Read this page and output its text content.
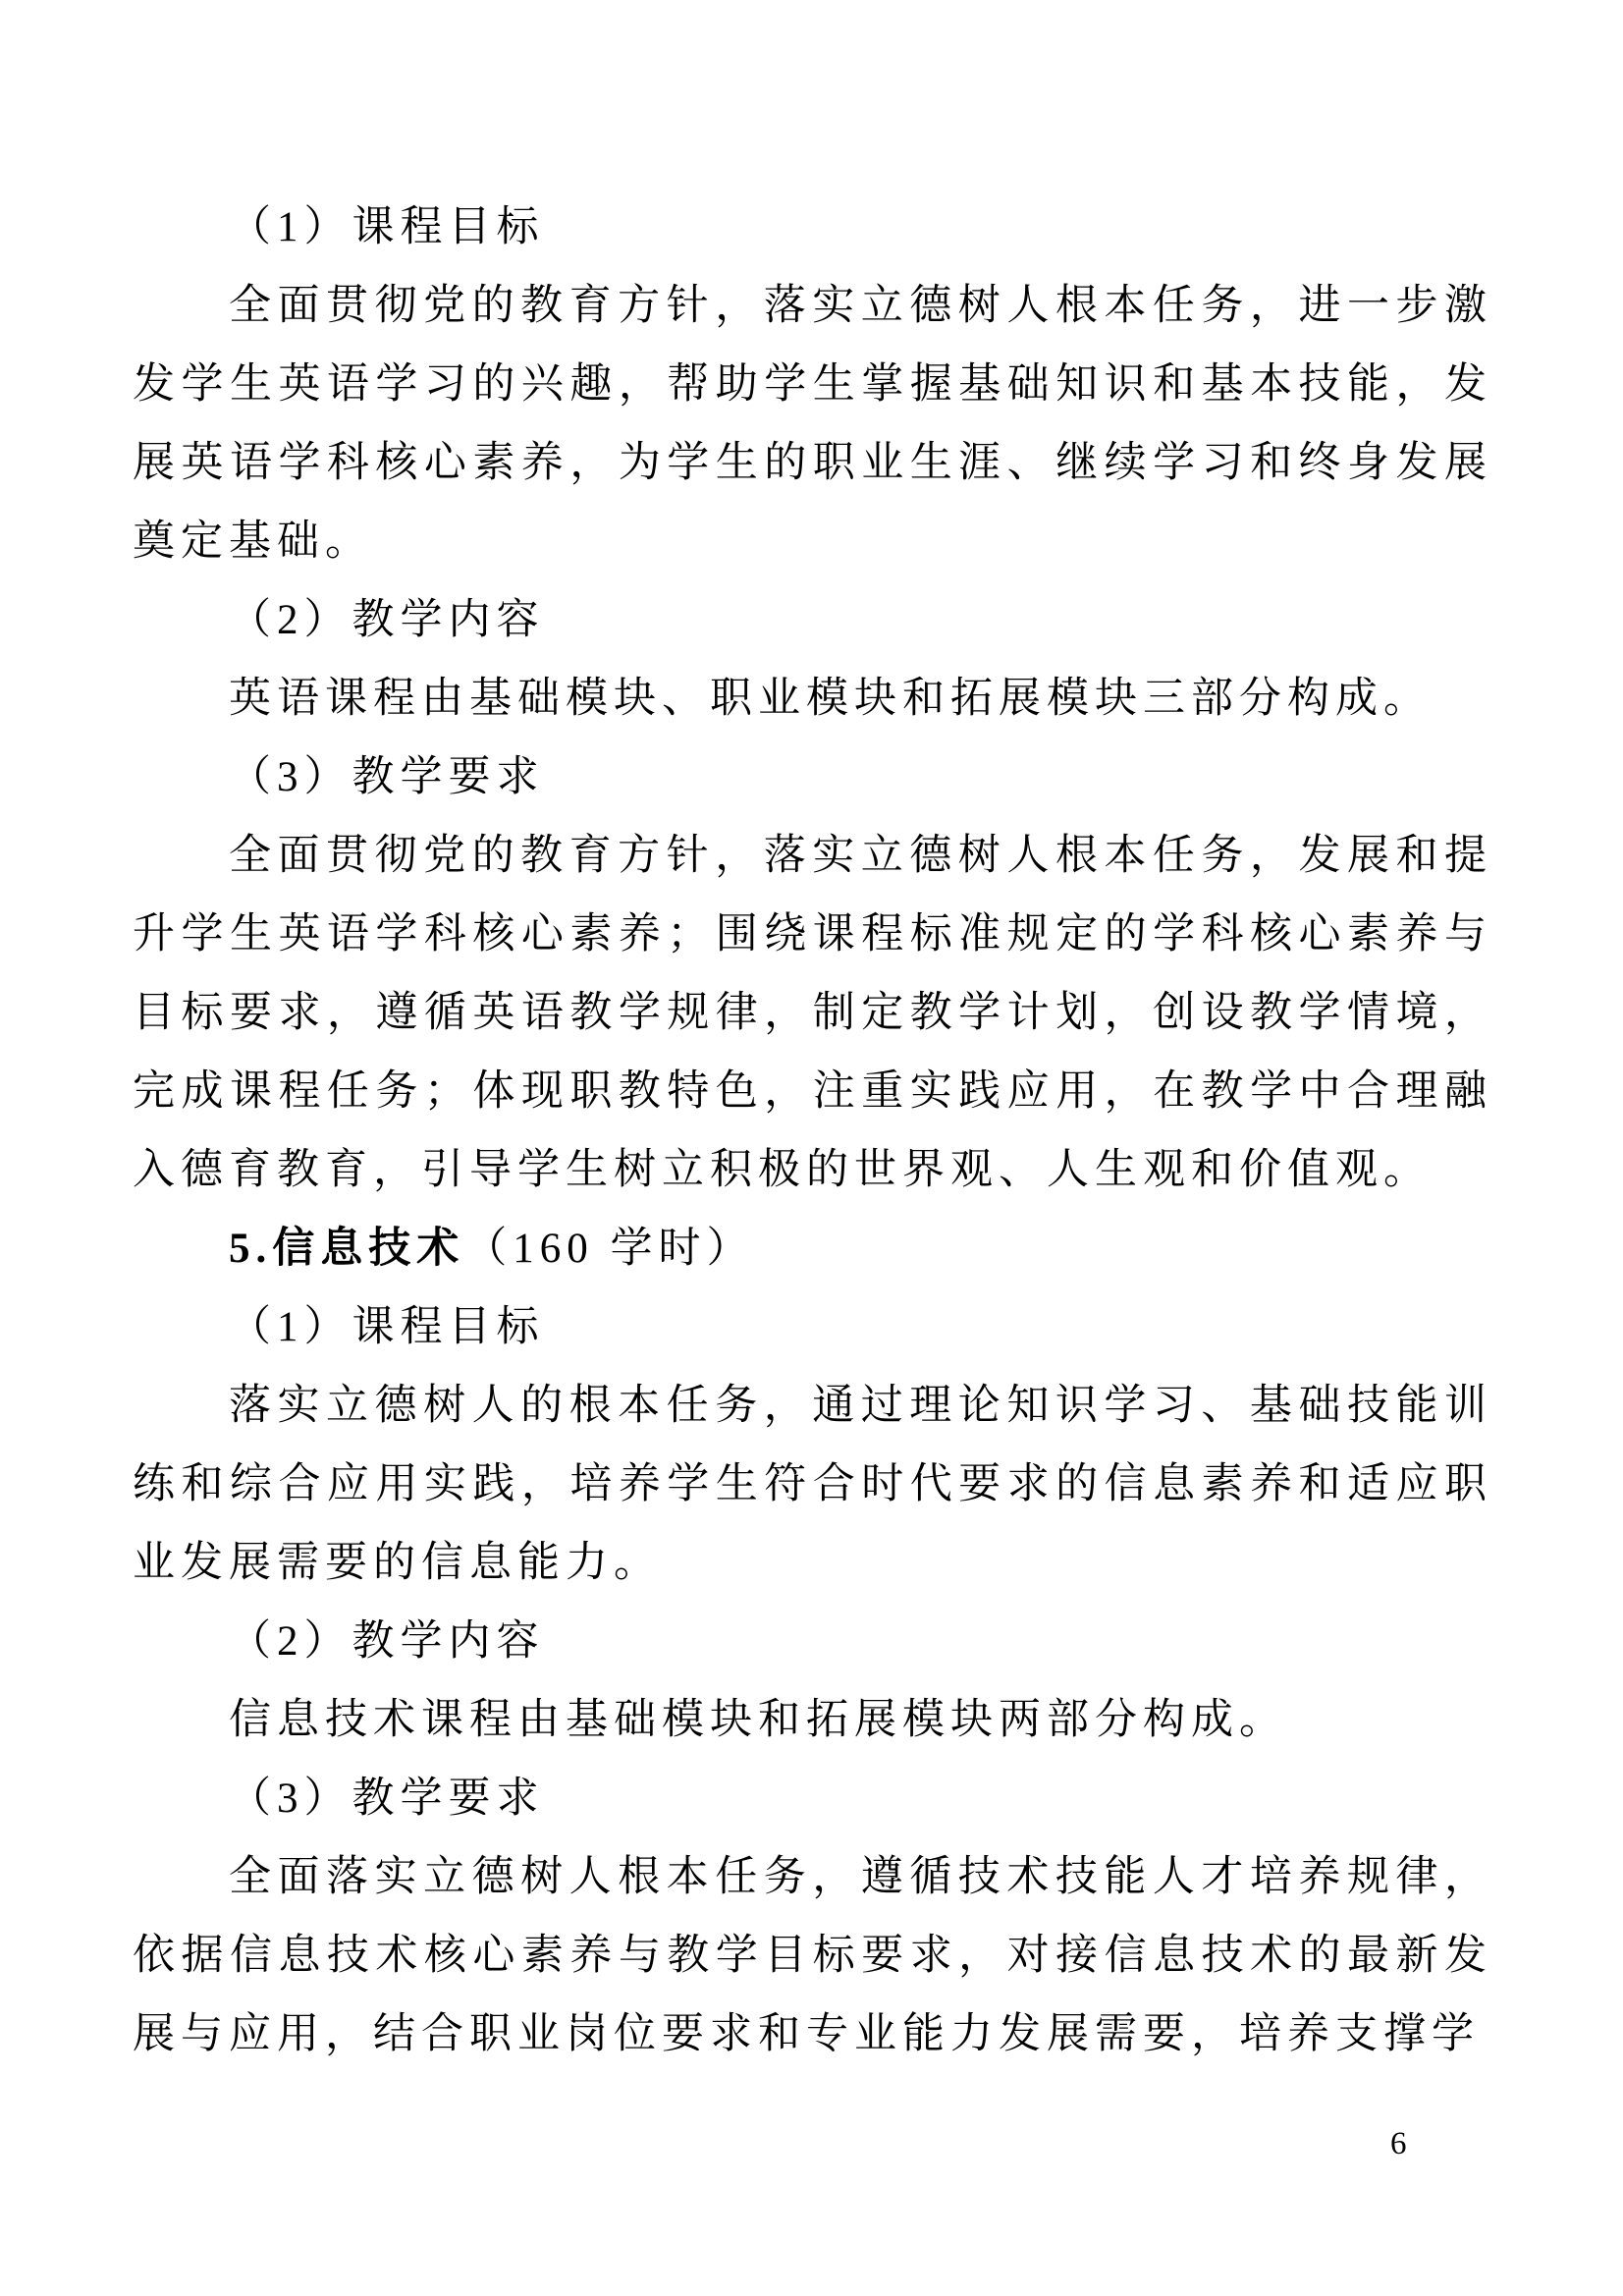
（1）课程目标

全面贯彻党的教育方针，落实立德树人根本任务，进一步激发学生英语学习的兴趣，帮助学生掌握基础知识和基本技能，发展英语学科核心素养，为学生的职业生涯、继续学习和终身发展奠定基础。

（2）教学内容

英语课程由基础模块、职业模块和拓展模块三部分构成。

（3）教学要求

全面贯彻党的教育方针，落实立德树人根本任务，发展和提升学生英语学科核心素养；围绕课程标准规定的学科核心素养与目标要求，遵循英语教学规律，制定教学计划，创设教学情境，完成课程任务；体现职教特色，注重实践应用，在教学中合理融入德育教育，引导学生树立积极的世界观、人生观和价值观。

5.信息技术（160 学时）

（1）课程目标

落实立德树人的根本任务，通过理论知识学习、基础技能训练和综合应用实践，培养学生符合时代要求的信息素养和适应职业发展需要的信息能力。

（2）教学内容

信息技术课程由基础模块和拓展模块两部分构成。

（3）教学要求

全面落实立德树人根本任务，遵循技术技能人才培养规律，依据信息技术核心素养与教学目标要求，对接信息技术的最新发展与应用，结合职业岗位要求和专业能力发展需要，培养支撑学

6
